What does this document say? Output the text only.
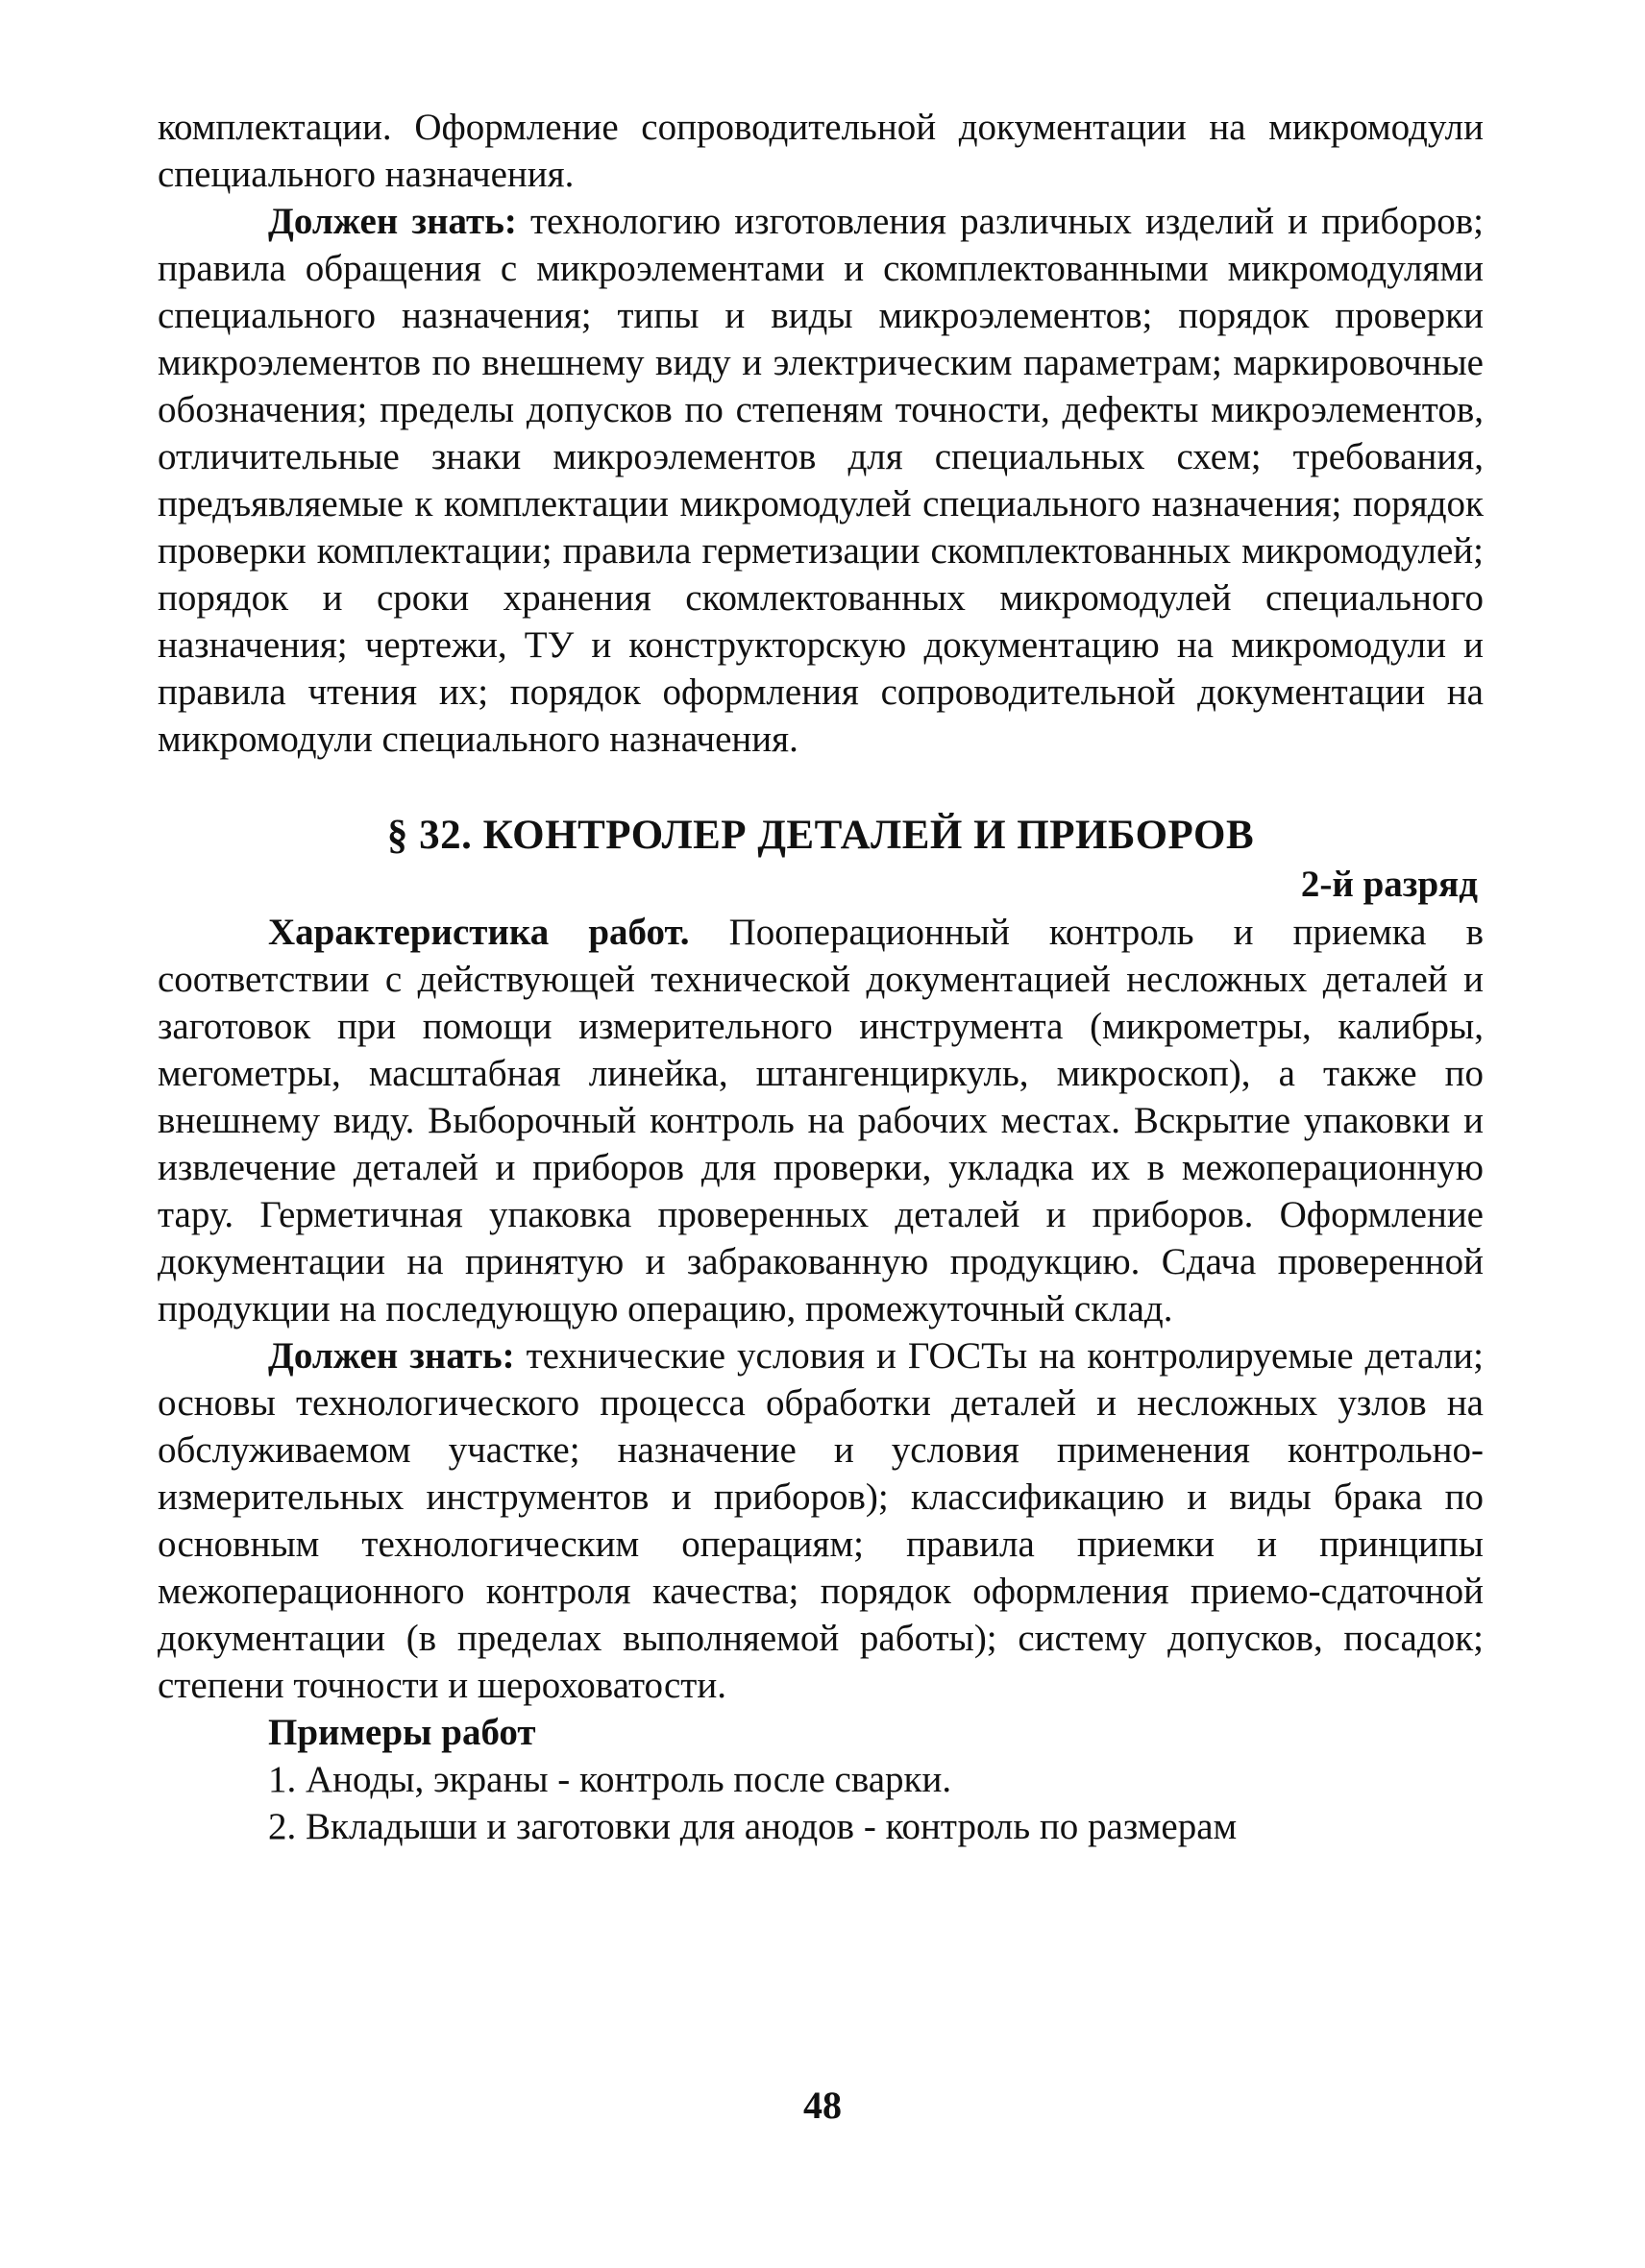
комплектации. Оформление сопроводительной документации на микромодули специального назначения.

Должен знать: технологию изготовления различных изделий и приборов; правила обращения с микроэлементами и скомплектованными микромодулями специального назначения; типы и виды микроэлементов; порядок проверки микроэлементов по внешнему виду и электрическим параметрам; маркировочные обозначения; пределы допусков по степеням точности, дефекты микроэлементов, отличительные знаки микроэлементов для специальных схем; требования, предъявляемые к комплектации микромодулей специального назначения; порядок проверки комплектации; правила герметизации скомплектованных микромодулей; порядок и сроки хранения скомлектованных микромодулей специального назначения; чертежи, ТУ и конструкторскую документацию на микромодули и правила чтения их; порядок оформления сопроводительной документации на микромодули специального назначения.

§ 32. КОНТРОЛЕР ДЕТАЛЕЙ И ПРИБОРОВ

2-й разряд

Характеристика работ. Пооперационный контроль и приемка в соответствии с действующей технической документацией несложных деталей и заготовок при помощи измерительного инструмента (микрометры, калибры, мегометры, масштабная линейка, штангенциркуль, микроскоп), а также по внешнему виду. Выборочный контроль на рабочих местах. Вскрытие упаковки и извлечение деталей и приборов для проверки, укладка их в межоперационную тару. Герметичная упаковка проверенных деталей и приборов. Оформление документации на принятую и забракованную продукцию. Сдача проверенной продукции на последующую операцию, промежуточный склад.

Должен знать: технические условия и ГОСТы на контролируемые детали; основы технологического процесса обработки деталей и несложных узлов на обслуживаемом участке; назначение и условия применения контрольно-измерительных инструментов и приборов); классификацию и виды брака по основным технологическим операциям; правила приемки и принципы межоперационного контроля качества; порядок оформления приемо-сдаточной документации (в пределах выполняемой работы); систему допусков, посадок; степени точности и шероховатости.

Примеры работ

1. Аноды, экраны - контроль после сварки.

2. Вкладыши и заготовки для анодов - контроль по размерам

48
